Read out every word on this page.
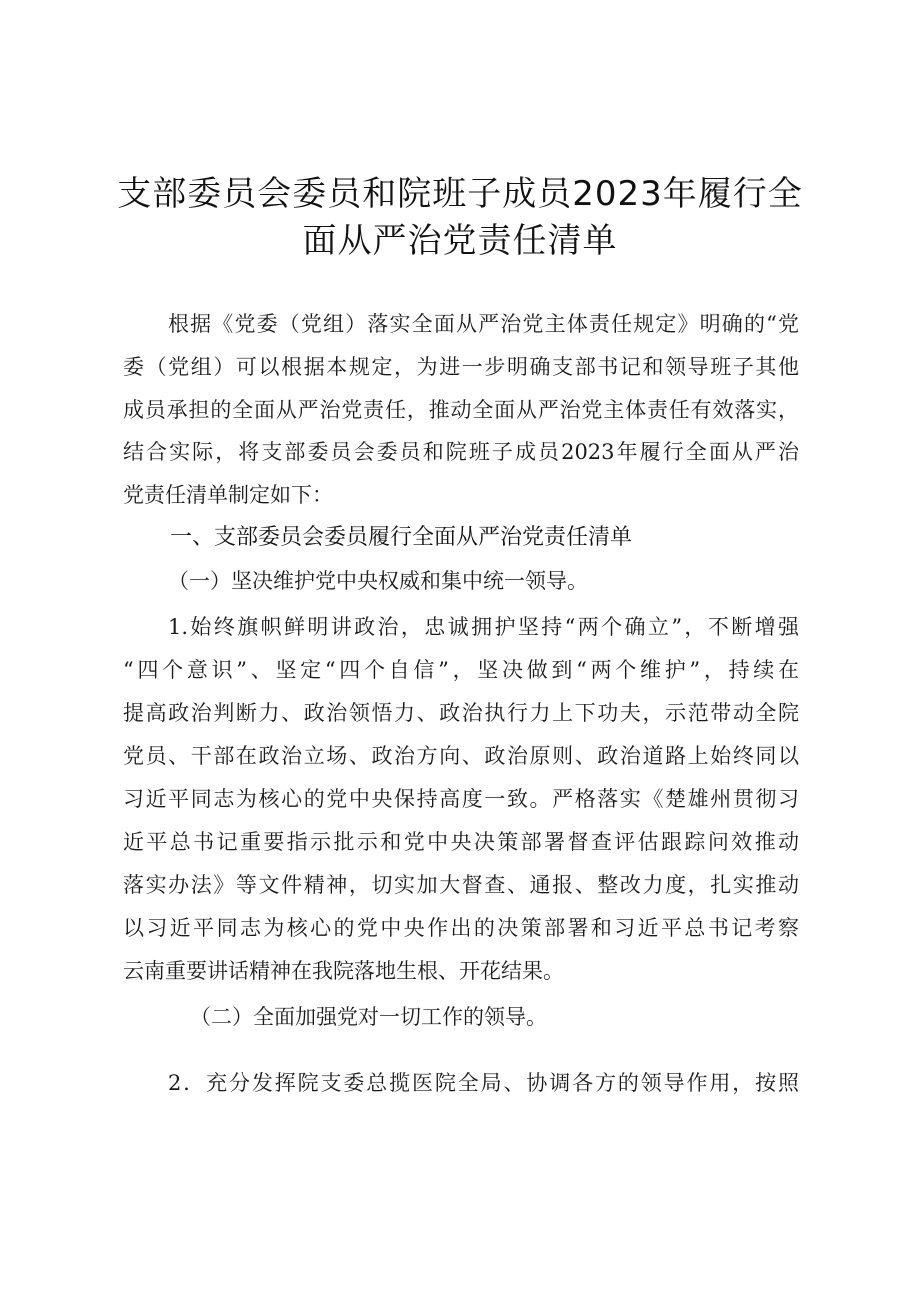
支部委员会委员和院班子成员2023年履行全
面从严治党责任清单
根据《党委（党组）落实全面从严治党主体责任规定》明确的“党
委（党组）可以根据本规定，为进一步明确支部书记和领导班子其他
成员承担的全面从严治党责任，推动全面从严治党主体责任有效落实，
结合实际，将支部委员会委员和院班子成员2023年履行全面从严治
党责任清单制定如下：
一、支部委员会委员履行全面从严治党责任清单
（一）坚决维护党中央权威和集中统一领导。
1.始终旗帜鲜明讲政治，忠诚拥护坚持“两个确立”，不断增强
“四个意识”、坚定“四个自信”，坚决做到“两个维护”，持续在
提高政治判断力、政治领悟力、政治执行力上下功夫，示范带动全院
党员、干部在政治立场、政治方向、政治原则、政治道路上始终同以
习近平同志为核心的党中央保持高度一致。严格落实《楚雄州贯彻习
近平总书记重要指示批示和党中央决策部署督查评估跟踪问效推动
落实办法》等文件精神，切实加大督查、通报、整改力度，扎实推动
以习近平同志为核心的党中央作出的决策部署和习近平总书记考察
云南重要讲话精神在我院落地生根、开花结果。
（二）全面加强党对一切工作的领导。
2．充分发挥院支委总揽医院全局、协调各方的领导作用，按照
